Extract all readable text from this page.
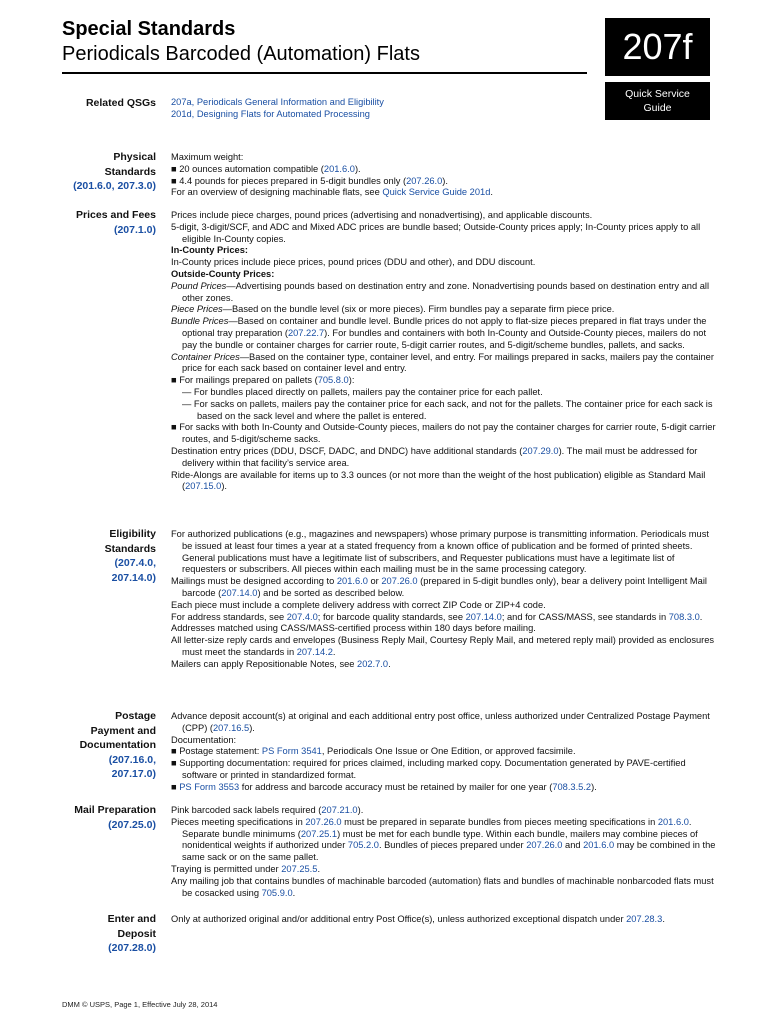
Special Standards
Periodicals Barcoded (Automation) Flats	207f
Quick Service
Guide
Related QSGs 207a, Periodicals General Information and Eligibility

201d, Designing Flats for Automated Processing

Physical
Standards
(201.6.0, 207.3.0)

Maximum weight:

■ 20 ounces automation compatible (201.6.0).

■ 4.4 pounds for pieces prepared in 5-digit bundles only (207.26.0).

For an overview of designing machinable flats, see Quick Service Guide 201d.

Prices and Fees
(207.1.0)

Prices include piece charges, pound prices (advertising and nonadvertising), and applicable discounts.

5-digit, 3-digit/SCF, and ADC and Mixed ADC prices are bundle based; Outside-County prices apply; In-County prices apply to all eligible In-County copies.

In-County Prices:

In-County prices include piece prices, pound prices (DDU and other), and DDU discount.

Outside-County Prices:

Pound Prices—Advertising pounds based on destination entry and zone. Nonadvertising pounds based on destination entry and all other zones.

Piece Prices—Based on the bundle level (six or more pieces). Firm bundles pay a separate firm piece price.

Bundle Prices—Based on container and bundle level. Bundle prices do not apply to flat-size pieces prepared in flat trays under the optional tray preparation (207.22.7). For bundles and containers with both In-County and Outside-County pieces, mailers do not pay the bundle or container charges for carrier route, 5-digit carrier routes, and 5-digit/scheme bundles, pallets, and sacks.

Container Prices—Based on the container type, container level, and entry. For mailings prepared in sacks, mailers pay the container price for each sack based on container level and entry.

■ For mailings prepared on pallets (705.8.0):

— For bundles placed directly on pallets, mailers pay the container price for each pallet.

— For sacks on pallets, mailers pay the container price for each sack, and not for the pallets. The container price for each sack is based on the sack level and where the pallet is entered.

■ For sacks with both In-County and Outside-County pieces, mailers do not pay the container charges for carrier route, 5-digit carrier routes, and 5-digit/scheme sacks.

Destination entry prices (DDU, DSCF, DADC, and DNDC) have additional standards (207.29.0). The mail must be addressed for delivery within that facility’s service area.

Ride-Alongs are available for items up to 3.3 ounces (or not more than the weight of the host publication) eligible as Standard Mail (207.15.0).

Eligibility
Standards
(207.4.0,
207.14.0)

For authorized publications (e.g., magazines and newspapers) whose primary purpose is transmitting information. Periodicals must be issued at least four times a year at a stated frequency from a known office of publication and be formed of printed sheets. General publications must have a legitimate list of subscribers, and Requester publications must have a legitimate list of requesters or subscribers. All pieces within each mailing must be in the same processing category.

Mailings must be designed according to 201.6.0 or 207.26.0 (prepared in 5-digit bundles only), bear a delivery point Intelligent Mail barcode (207.14.0) and be sorted as described below.

Each piece must include a complete delivery address with correct ZIP Code or ZIP+4 code.

For address standards, see 207.4.0; for barcode quality standards, see 207.14.0; and for CASS/MASS, see standards in 708.3.0.

Addresses matched using CASS/MASS-certified process within 180 days before mailing.

All letter-size reply cards and envelopes (Business Reply Mail, Courtesy Reply Mail, and metered reply mail) provided as enclosures must meet the standards in 207.14.2.

Mailers can apply Repositionable Notes, see 202.7.0.

Postage
Payment and
Documentation
(207.16.0,
207.17.0)

Advance deposit account(s) at original and each additional entry post office, unless authorized under Centralized Postage Payment (CPP) (207.16.5).

Documentation:

■ Postage statement: PS Form 3541, Periodicals One Issue or One Edition, or approved facsimile.

■ Supporting documentation: required for prices claimed, including marked copy. Documentation generated by PAVE-certified software or printed in standardized format.

■ PS Form 3553 for address and barcode accuracy must be retained by mailer for one year (708.3.5.2).

Mail Preparation
(207.25.0)

Pink barcoded sack labels required (207.21.0).

Pieces meeting specifications in 207.26.0 must be prepared in separate bundles from pieces meeting specifications in 201.6.0. Separate bundle minimums (207.25.1) must be met for each bundle type. Within each bundle, mailers may combine pieces of nonidentical weights if authorized under 705.2.0. Bundles of pieces prepared under 207.26.0 and 201.6.0 may be combined in the same sack or on the same pallet.

Traying is permitted under 207.25.5.

Any mailing job that contains bundles of machinable barcoded (automation) flats and bundles of machinable nonbarcoded flats must be cosacked using 705.9.0.

Enter and
Deposit
(207.28.0)

Only at authorized original and/or additional entry Post Office(s), unless authorized exceptional dispatch under 207.28.3.

DMM © USPS, Page 1, Effective July 28, 2014
